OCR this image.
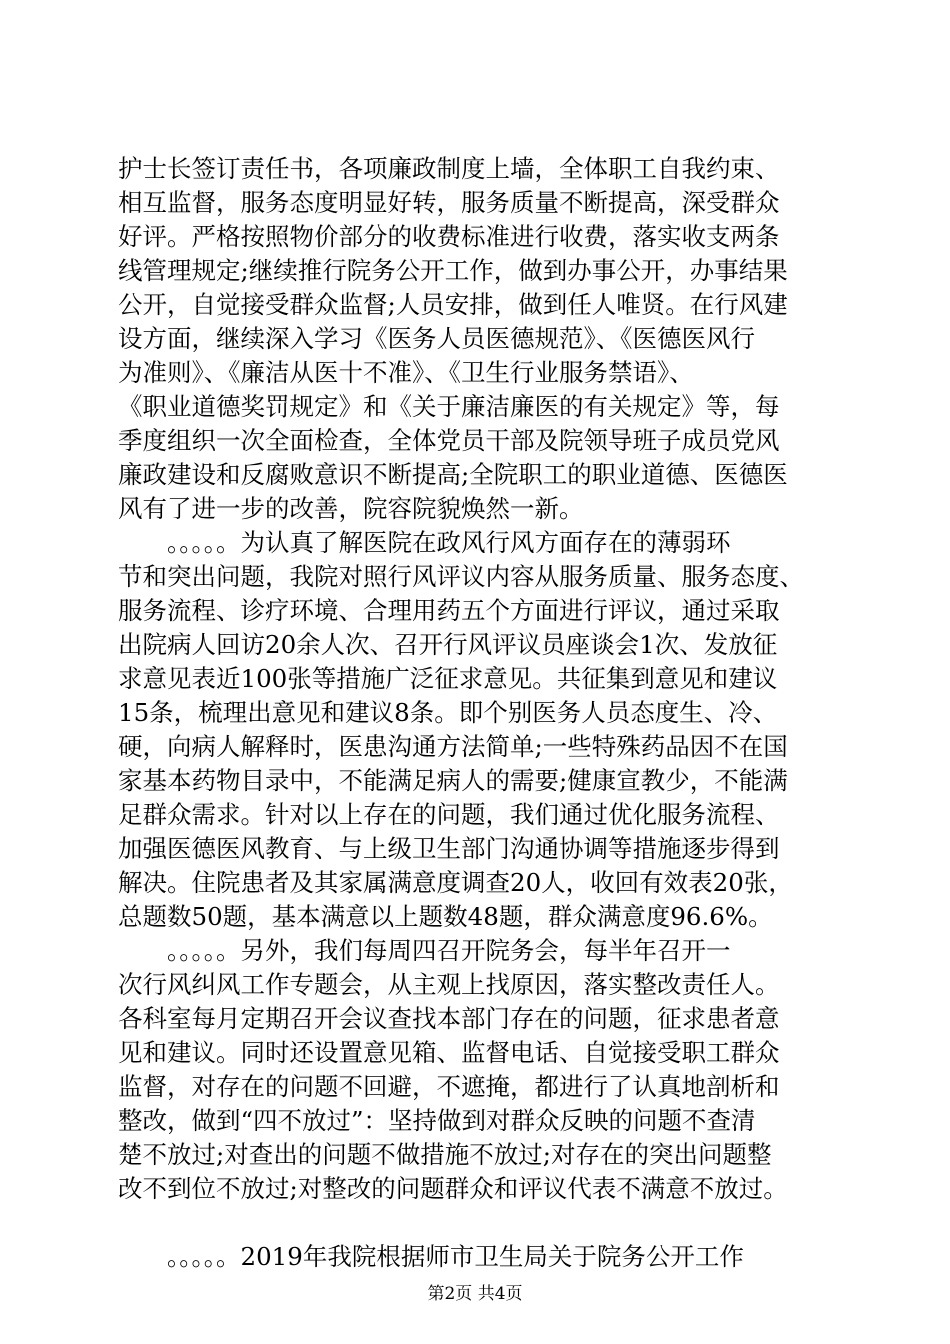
护士长签订责任书，各项廉政制度上墙，全体职工自我约束、
相互监督，服务态度明显好转，服务质量不断提高，深受群众
好评。严格按照物价部分的收费标准进行收费，落实收支两条
线管理规定;继续推行院务公开工作，做到办事公开，办事结果
公开，自觉接受群众监督;人员安排，做到任人唯贤。在行风建
设方面，继续深入学习《医务人员医德规范》、《医德医风行
为准则》、《廉洁从医十不准》、《卫生行业服务禁语》、
《职业道德奖罚规定》和《关于廉洁廉医的有关规定》等，每
季度组织一次全面检查，全体党员干部及院领导班子成员党风
廉政建设和反腐败意识不断提高;全院职工的职业道德、医德医
风有了进一步的改善，院容院貌焕然一新。
　　。。。。。为认真了解医院在政风行风方面存在的薄弱环
节和突出问题，我院对照行风评议内容从服务质量、服务态度、
服务流程、诊疗环境、合理用药五个方面进行评议，通过采取
出院病人回访20余人次、召开行风评议员座谈会1次、发放征
求意见表近100张等措施广泛征求意见。共征集到意见和建议
15条，梳理出意见和建议8条。即个别医务人员态度生、冷、
硬，向病人解释时，医患沟通方法简单;一些特殊药品因不在国
家基本药物目录中，不能满足病人的需要;健康宣教少，不能满
足群众需求。针对以上存在的问题，我们通过优化服务流程、
加强医德医风教育、与上级卫生部门沟通协调等措施逐步得到
解决。住院患者及其家属满意度调查20人，收回有效表20张，
总题数50题，基本满意以上题数48题，群众满意度96.6%。
　　。。。。。另外，我们每周四召开院务会，每半年召开一
次行风纠风工作专题会，从主观上找原因，落实整改责任人。
各科室每月定期召开会议查找本部门存在的问题，征求患者意
见和建议。同时还设置意见箱、监督电话、自觉接受职工群众
监督，对存在的问题不回避，不遮掩，都进行了认真地剖析和
整改，做到“四不放过”：坚持做到对群众反映的问题不查清
楚不放过;对查出的问题不做措施不放过;对存在的突出问题整
改不到位不放过;对整改的问题群众和评议代表不满意不放过。
　　。。。。。2019年我院根据师市卫生局关于院务公开工作
第2页 共4页
